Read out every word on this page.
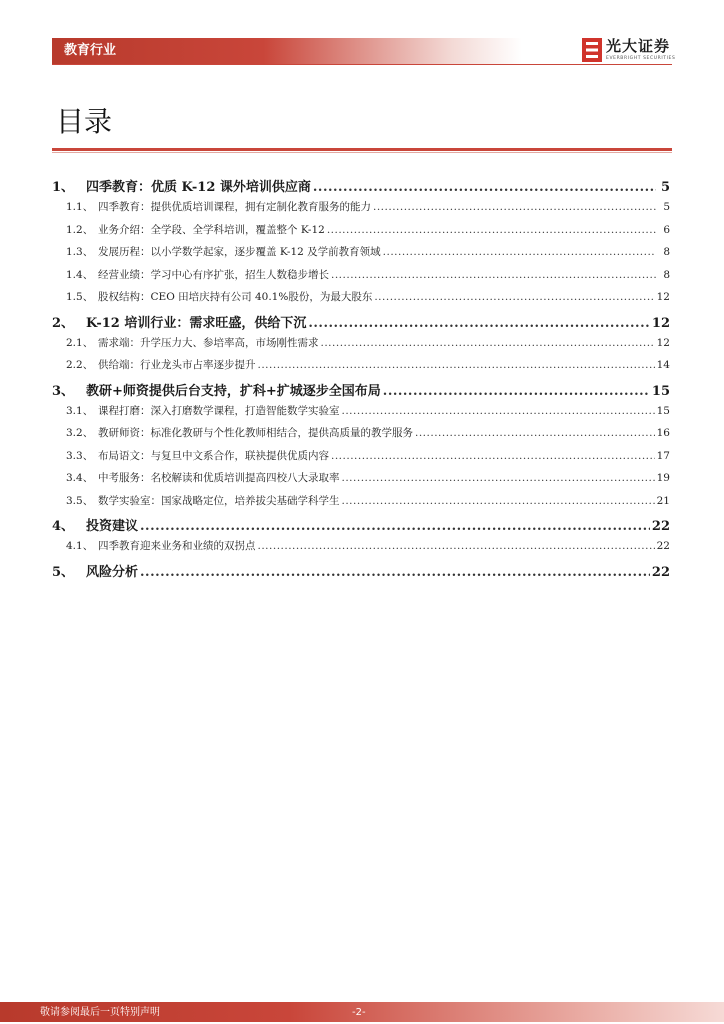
教育行业	光大证券
EVERBRIGHT SECURITIES
目录
1、 四季教育：优质 K-12 课外培训供应商 .....	5
1.1、 四季教育：提供优质培训课程，拥有定制化教育服务的能力 .....	5
1.2、 业务介绍：全学段、全学科培训，覆盖整个 K-12 .....	6
1.3、 发展历程：以小学数学起家，逐步覆盖 K-12 及学前教育领域 .....	8
1.4、 经营业绩：学习中心有序扩张，招生人数稳步增长 .....	8
1.5、 股权结构：CEO 田培庆持有公司 40.1%股份，为最大股东 .....	12
2、 K-12 培训行业：需求旺盛，供给下沉 .....	12
2.1、 需求端：升学压力大、参培率高，市场刚性需求 .....	12
2.2、 供给端：行业龙头市占率逐步提升 .....	14
3、 教研+师资提供后台支持，扩科+扩城逐步全国布局 .....	15
3.1、 课程打磨：深入打磨数学课程，打造智能数学实验室 .....	15
3.2、 教研师资：标准化教研与个性化教师相结合，提供高质量的教学服务 .....	16
3.3、 布局语文：与复旦中文系合作，联袂提供优质内容 .....	17
3.4、 中考服务：名校解读和优质培训提高四校八大录取率 .....	19
3.5、 数学实验室：国家战略定位，培养拔尖基础学科学生 .....	21
4、 投资建议 .....	22
4.1、 四季教育迎来业务和业绩的双拐点 .....	22
5、 风险分析 .....	22
敬请参阅最后一页特别声明	-2-
